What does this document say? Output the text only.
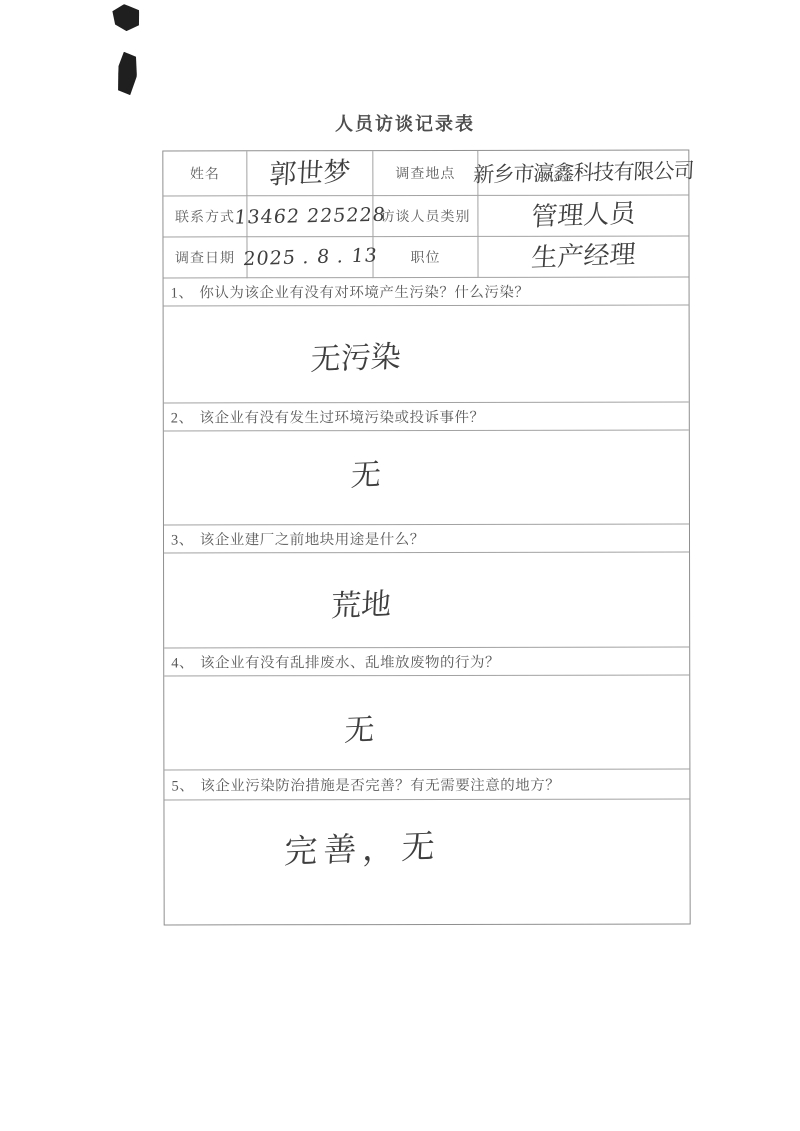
人员访谈记录表
姓名 郭世梦	调查地点 新乡市瀛鑫科技有限公司
联系方式
13462 225228
访谈人员类别 管理人员
调查日期 2025 . 8 . 13 职位	生产经理
1、 你认为该企业有没有对环境产生污染？什么污染？
无污染
2、 该企业有没有发生过环境污染或投诉事件？
无
3、 该企业建厂之前地块用途是什么？
荒地
4、 该企业有没有乱排废水、乱堆放废物的行为？
无
5、 该企业污染防治措施是否完善？有无需要注意的地方？
完善，无
